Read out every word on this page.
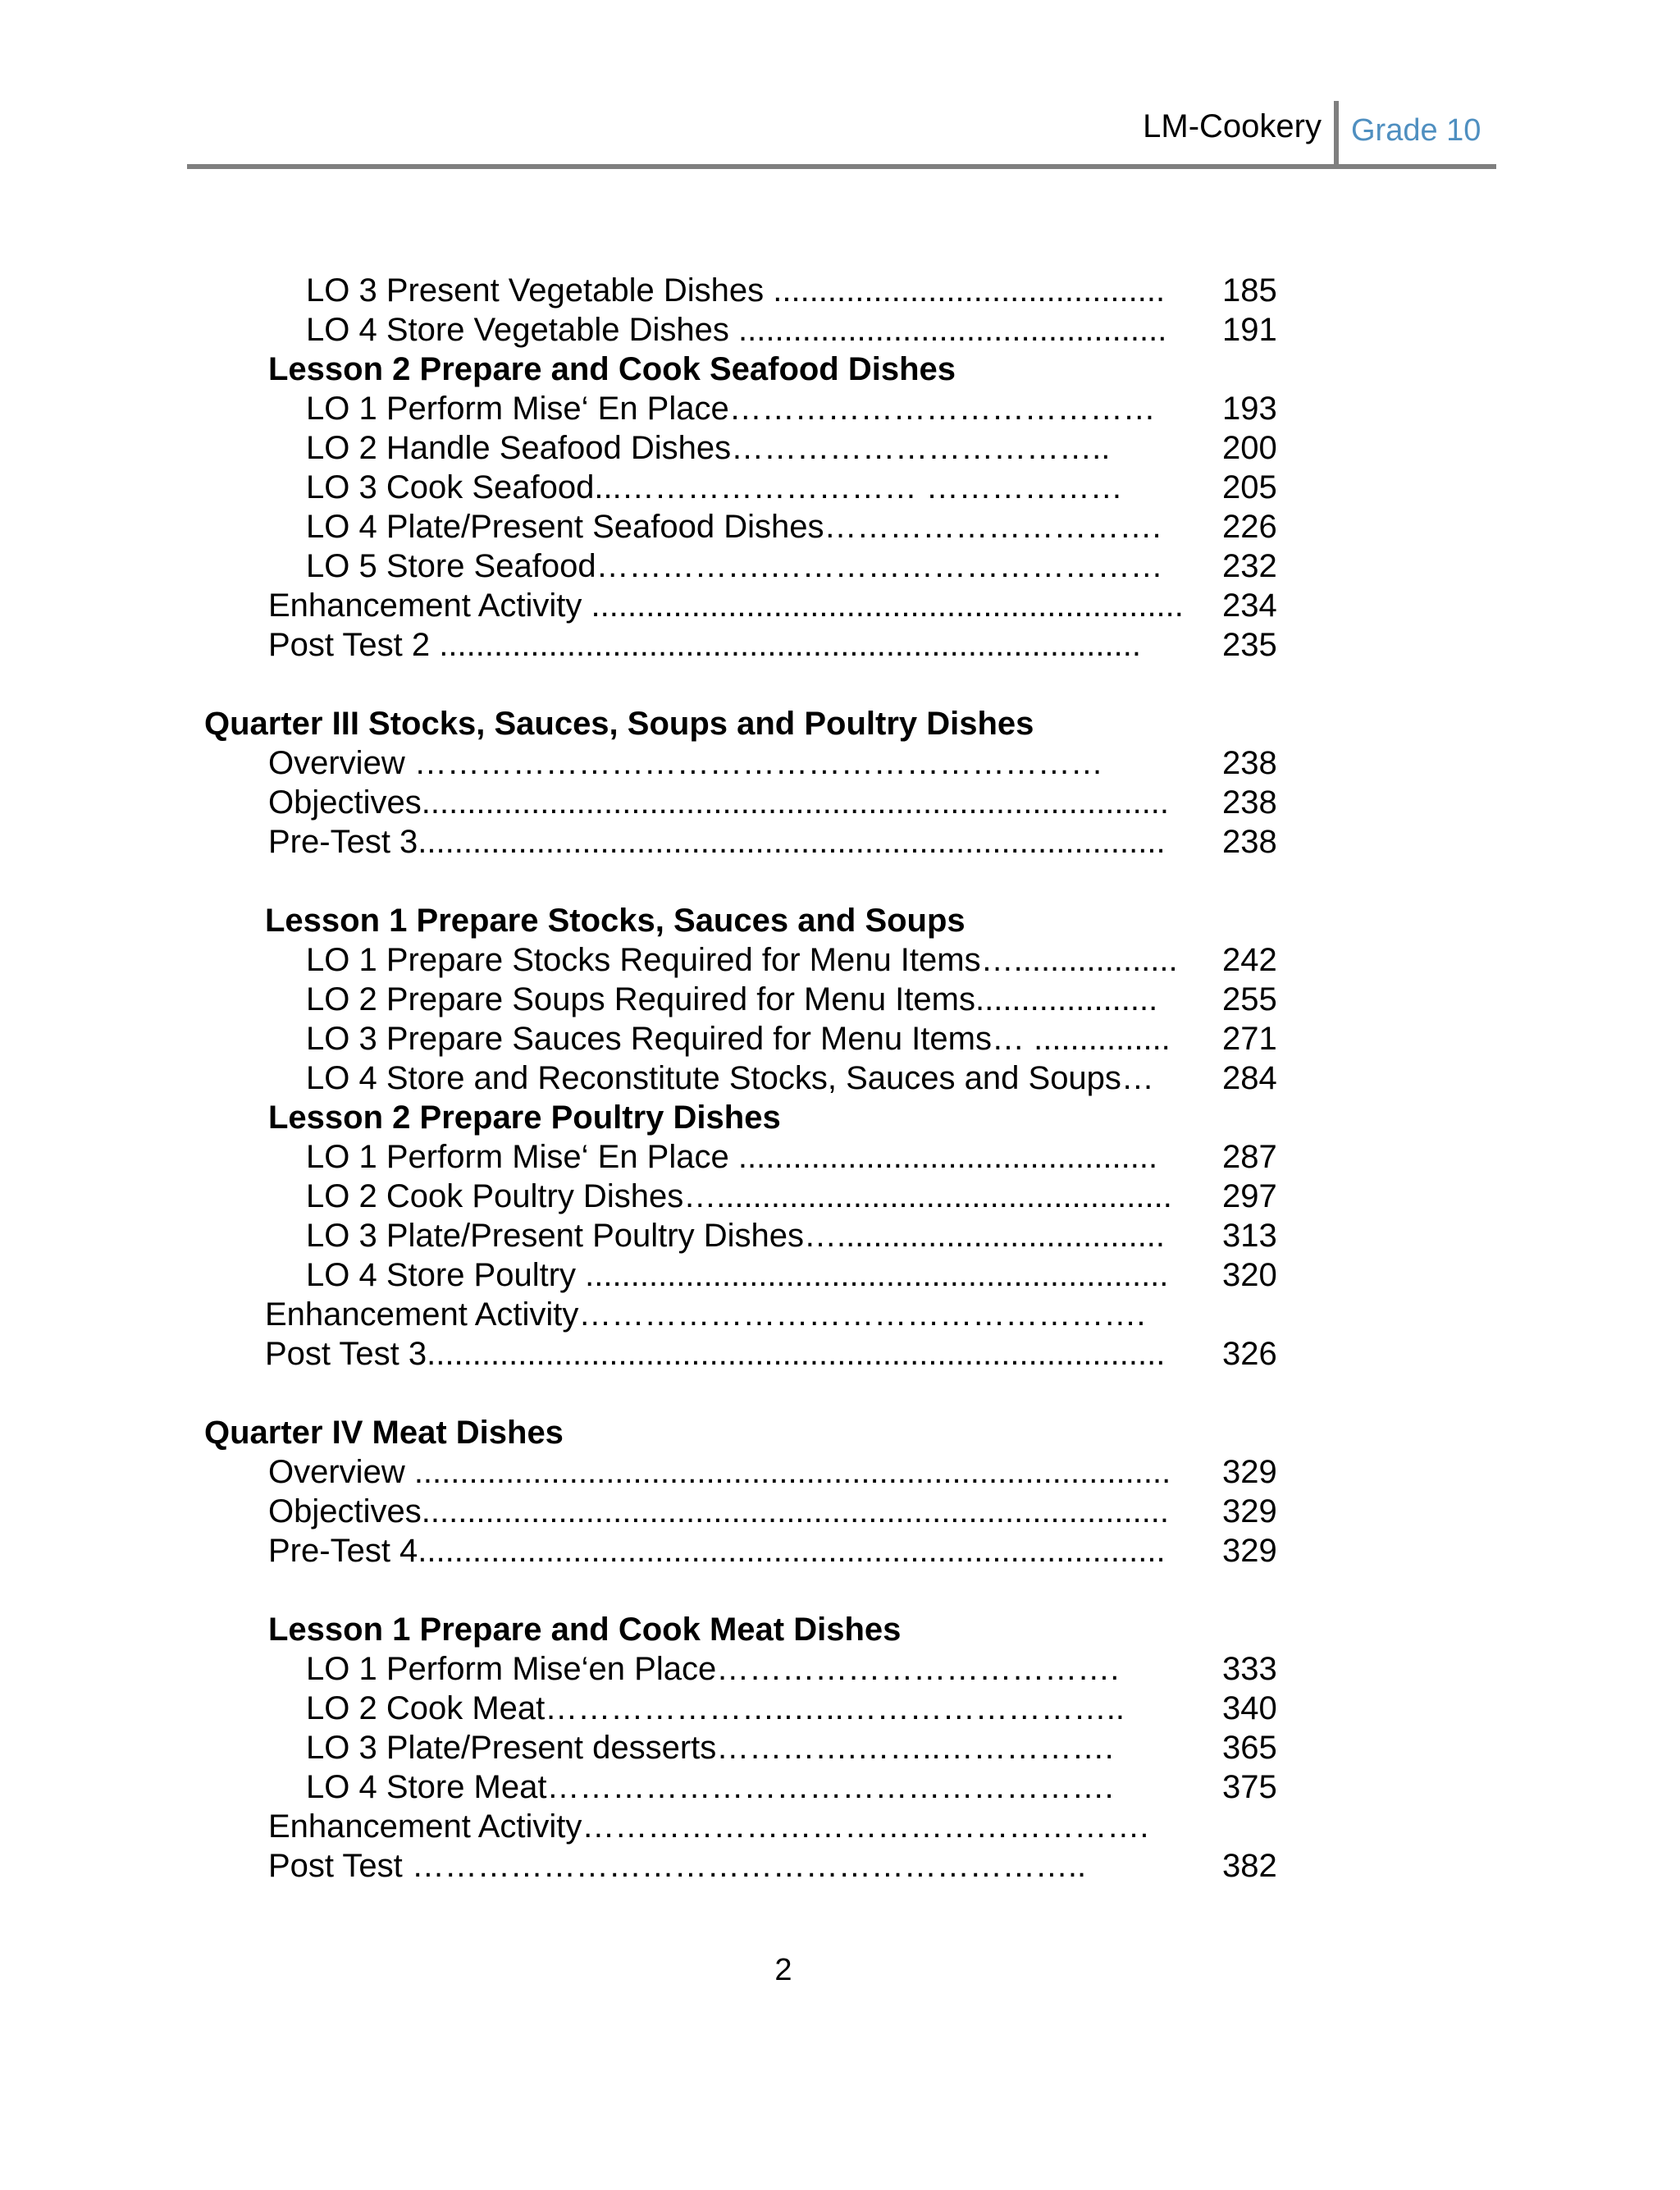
LM-Cookery Grade 10
LO 3 Present Vegetable Dishes ........................................... 185
LO 4 Store Vegetable Dishes ............................................... 191
Lesson 2 Prepare and Cook Seafood Dishes
LO 1 Perform Mise‘ En Place………………………………… 193
LO 2 Handle Seafood Dishes……………………………..	200
LO 3 Cook Seafood...……………………… ………………	205
LO 4 Plate/Present Seafood Dishes…………………………. 226
LO 5 Store Seafood…………….……………………………… 232
Enhancement Activity ................................................................. 234
Post Test 2 ............................................................................. 235
Quarter III Stocks, Sauces, Soups and Poultry Dishes
Overview ………………………………………………………	238
Objectives.................................................................................. 238
Pre-Test 3.................................................................................. 238
Lesson 1 Prepare Stocks, Sauces and Soups
LO 1 Prepare Stocks Required for Menu Items….................. 242
LO 2 Prepare Soups Required for Menu Items.................... 255
LO 3 Prepare Sauces Required for Menu Items… ............... 271
LO 4 Store and Reconstitute Stocks, Sauces and Soups… 284
Lesson 2 Prepare Poultry Dishes
LO 1 Perform Mise‘ En Place .............................................. 287
LO 2 Cook Poultry Dishes….................................................. 297
LO 3 Plate/Present Poultry Dishes….................................... 313
LO 4 Store Poultry ................................................................ 320
Enhancement Activity…………………………………………….
Post Test 3................................................................................. 326
Quarter IV Meat Dishes
Overview ................................................................................... 329
Objectives.................................................................................. 329
Pre-Test 4.................................................................................. 329
Lesson 1 Prepare and Cook Meat Dishes
LO 1 Perform Mise‘en Place……………………………….	333
LO 2 Cook Meat…………………..…..……………………..	340
LO 3 Plate/Present desserts………….……..…………….	365
LO 4 Store Meat…………………………………………….	375
Enhancement Activity…………………………………………….
Post Test ……………………………………………………..	382
2
